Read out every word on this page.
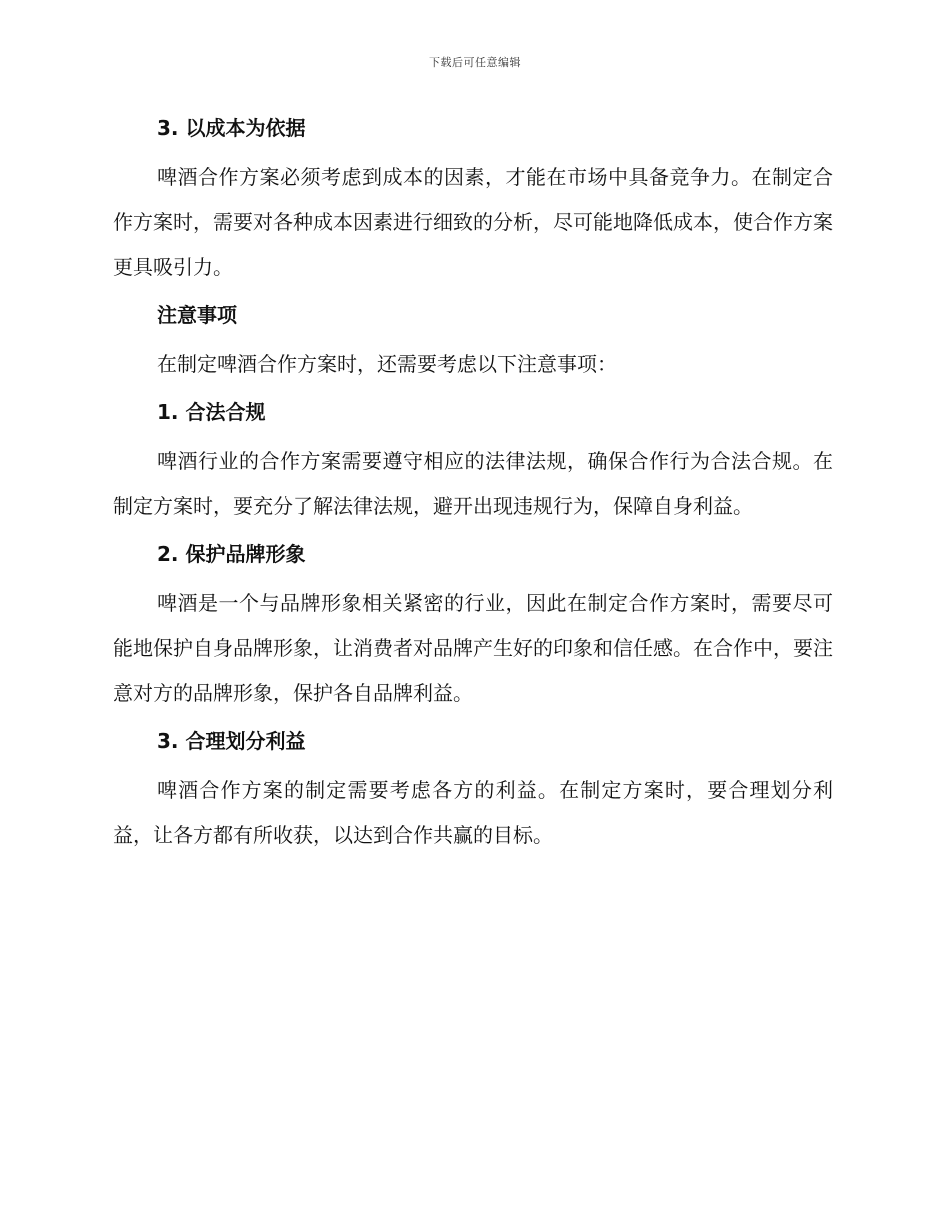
下载后可任意编辑

3. 以成本为依据

啤酒合作方案必须考虑到成本的因素，才能在市场中具备竞争力。在制定合作方案时，需要对各种成本因素进行细致的分析，尽可能地降低成本，使合作方案更具吸引力。

注意事项

在制定啤酒合作方案时，还需要考虑以下注意事项：

1. 合法合规

啤酒行业的合作方案需要遵守相应的法律法规，确保合作行为合法合规。在制定方案时，要充分了解法律法规，避开出现违规行为，保障自身利益。

2. 保护品牌形象

啤酒是一个与品牌形象相关紧密的行业，因此在制定合作方案时，需要尽可能地保护自身品牌形象，让消费者对品牌产生好的印象和信任感。在合作中，要注意对方的品牌形象，保护各自品牌利益。

3. 合理划分利益

啤酒合作方案的制定需要考虑各方的利益。在制定方案时，要合理划分利益，让各方都有所收获，以达到合作共赢的目标。
